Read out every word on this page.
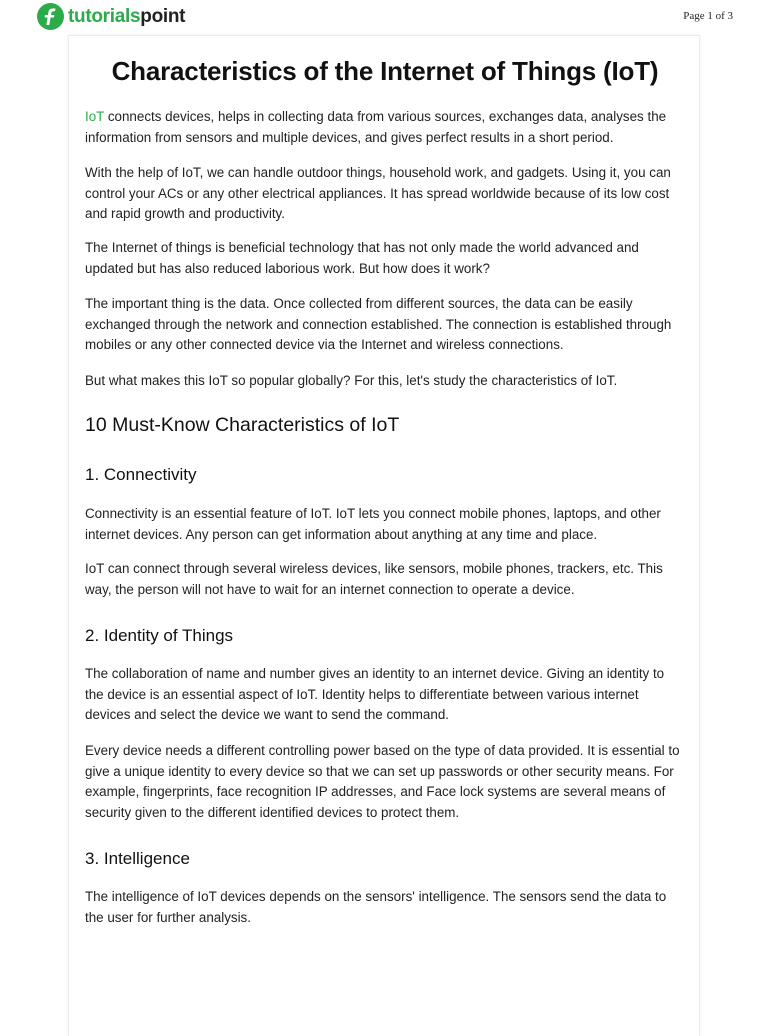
tutorialspoint	Page 1 of 3
Characteristics of the Internet of Things (IoT)

IoT connects devices, helps in collecting data from various sources, exchanges data, analyses the information from sensors and multiple devices, and gives perfect results in a short period.

With the help of IoT, we can handle outdoor things, household work, and gadgets. Using it, you can control your ACs or any other electrical appliances. It has spread worldwide because of its low cost and rapid growth and productivity.

The Internet of things is beneficial technology that has not only made the world advanced and updated but has also reduced laborious work. But how does it work?

The important thing is the data. Once collected from different sources, the data can be easily exchanged through the network and connection established. The connection is established through mobiles or any other connected device via the Internet and wireless connections.

But what makes this IoT so popular globally? For this, let's study the characteristics of IoT.

10 Must-Know Characteristics of IoT
1. Connectivity

Connectivity is an essential feature of IoT. IoT lets you connect mobile phones, laptops, and other internet devices. Any person can get information about anything at any time and place.

IoT can connect through several wireless devices, like sensors, mobile phones, trackers, etc. This way, the person will not have to wait for an internet connection to operate a device.

2. Identity of Things

The collaboration of name and number gives an identity to an internet device. Giving an identity to the device is an essential aspect of IoT. Identity helps to differentiate between various internet devices and select the device we want to send the command.

Every device needs a different controlling power based on the type of data provided. It is essential to give a unique identity to every device so that we can set up passwords or other security means. For example, fingerprints, face recognition IP addresses, and Face lock systems are several means of security given to the different identified devices to protect them.

3. Intelligence

The intelligence of IoT devices depends on the sensors' intelligence. The sensors send the data to the user for further analysis.
